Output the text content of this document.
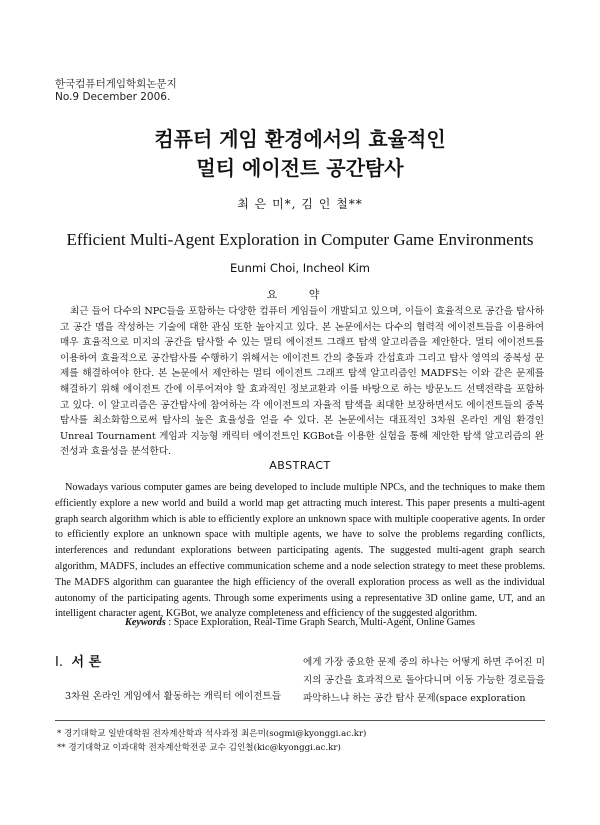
한국컴퓨터게임학회논문지
No.9 December 2006.
컴퓨터 게임 환경에서의 효율적인
멀티 에이전트 공간탐사
최 은 미*, 김 인 철**
Efficient Multi-Agent Exploration in Computer Game Environments
Eunmi Choi, Incheol Kim
요 약

최근 들어 다수의 NPC들을 포함하는 다양한 컴퓨터 게임들이 개발되고 있으며, 이들이 효율적으로 공간을 탐사하고 공간 맵을 작성하는 기술에 대한 관심 또한 높아지고 있다. 본 논문에서는 다수의 협력적 에이전트들을 이용하여 매우 효율적으로 미지의 공간을 탐사할 수 있는 멀티 에이전트 그래프 탐색 알고리즘을 제안한다. 멀티 에이전트를 이용하여 효율적으로 공간탐사를 수행하기 위해서는 에이전트 간의 충돌과 간섭효과 그리고 탐사 영역의 중복성 문제를 해결하여야 한다. 본 논문에서 제안하는 멀티 에이전트 그래프 탐색 알고리즘인 MADFS는 이와 같은 문제를 해결하기 위해 에이전트 간에 이루어져야 할 효과적인 정보교환과 이를 바탕으로 하는 방문노드 선택전략을 포함하고 있다. 이 알고리즘은 공간탐사에 참여하는 각 에이전트의 자율적 탐색을 최대한 보장하면서도 에이전트들의 중복탐사를 최소화함으로써 탐사의 높은 효율성을 얻을 수 있다. 본 논문에서는 대표적인 3차원 온라인 게임 환경인 Unreal Tournament 게임과 지능형 캐릭터 에이전트인 KGBot을 이용한 실험을 통해 제안한 탐색 알고리즘의 완전성과 효율성을 분석한다.

ABSTRACT

Nowadays various computer games are being developed to include multiple NPCs, and the techniques to make them efficiently explore a new world and build a world map get attracting much interest. This paper presents a multi-agent graph search algorithm which is able to efficiently explore an unknown space with multiple cooperative agents. In order to efficiently explore an unknown space with multiple agents, we have to solve the problems regarding conflicts, interferences and redundant explorations between participating agents. The suggested multi-agent graph search algorithm, MADFS, includes an effective communication scheme and a node selection strategy to meet these problems. The MADFS algorithm can guarantee the high efficiency of the overall exploration process as well as the individual autonomy of the participating agents. Through some experiments using a representative 3D online game, UT, and an intelligent character agent, KGBot, we analyze completeness and efficiency of the suggested algorithm.

Keywords : Space Exploration, Real-Time Graph Search, Multi-Agent, Online Games
Ⅰ. 서 론
3차원 온라인 게임에서 활동하는 캐릭터 에이전트들

에게 가장 중요한 문제 중의 하나는 어떻게 하면 주어진 미지의 공간을 효과적으로 돌아다니며 이동 가능한 경로들을 파악하느냐 하는 공간 탐사 문제(space exploration

* 경기대학교 일반대학원 전자계산학과 석사과정 최은미(sogmi@kyonggi.ac.kr)
** 경기대학교 이과대학 전자계산학전공 교수 김인철(kic@kyonggi.ac.kr)
